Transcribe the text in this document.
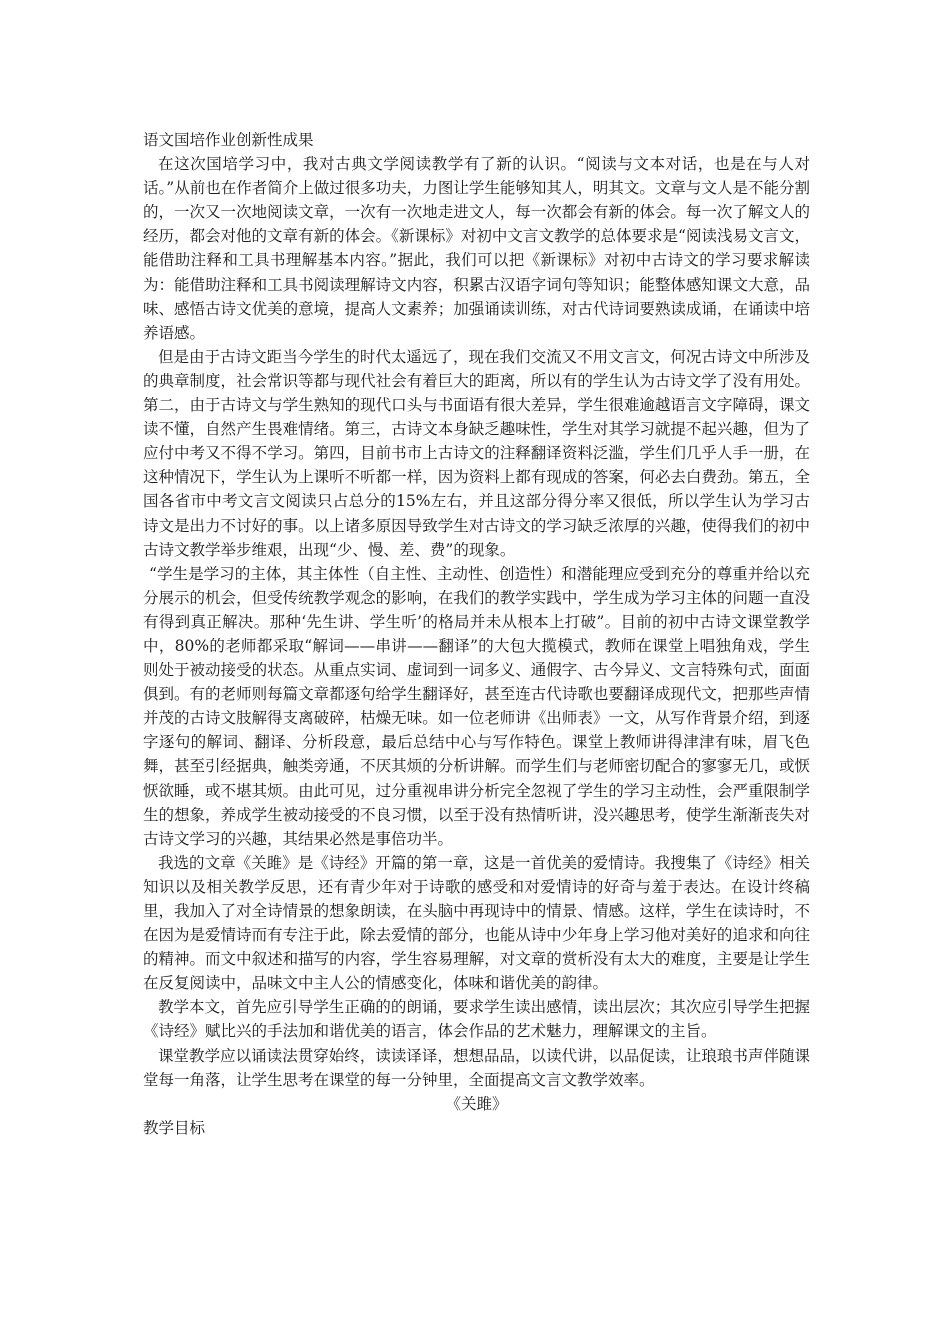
语文国培作业创新性成果

在这次国培学习中，我对古典文学阅读教学有了新的认识。“阅读与文本对话，也是在与人对话。”从前也在作者简介上做过很多功夫，力图让学生能够知其人，明其文。文章与文人是不能分割的，一次又一次地阅读文章，一次有一次地走进文人，每一次都会有新的体会。每一次了解文人的经历，都会对他的文章有新的体会。《新课标》对初中文言文教学的总体要求是“阅读浅易文言文，能借助注释和工具书理解基本内容。”据此，我们可以把《新课标》对初中古诗文的学习要求解读为：能借助注释和工具书阅读理解诗文内容，积累古汉语字词句等知识；能整体感知课文大意，品味、感悟古诗文优美的意境，提高人文素养；加强诵读训练，对古代诗词要熟读成诵，在诵读中培养语感。

但是由于古诗文距当今学生的时代太遥远了，现在我们交流又不用文言文，何况古诗文中所涉及的典章制度，社会常识等都与现代社会有着巨大的距离，所以有的学生认为古诗文学了没有用处。第二，由于古诗文与学生熟知的现代口头与书面语有很大差异，学生很难逾越语言文字障碍，课文读不懂，自然产生畏难情绪。第三，古诗文本身缺乏趣味性，学生对其学习就提不起兴趣，但为了应付中考又不得不学习。第四，目前书市上古诗文的注释翻译资料泛滥，学生们几乎人手一册，在这种情况下，学生认为上课听不听都一样，因为资料上都有现成的答案，何必去白费劲。第五，全国各省市中考文言文阅读只占总分的15%左右，并且这部分得分率又很低，所以学生认为学习古诗文是出力不讨好的事。以上诸多原因导致学生对古诗文的学习缺乏浓厚的兴趣，使得我们的初中古诗文教学举步维艰，出现“少、慢、差、费”的现象。

“学生是学习的主体，其主体性（自主性、主动性、创造性）和潜能理应受到充分的尊重并给以充分展示的机会，但受传统教学观念的影响，在我们的教学实践中，学生成为学习主体的问题一直没有得到真正解决。那种‘先生讲、学生听’的格局并未从根本上打破”。目前的初中古诗文课堂教学中，80%的老师都采取“解词——串讲——翻译”的大包大揽模式，教师在课堂上唱独角戏，学生则处于被动接受的状态。从重点实词、虚词到一词多义、通假字、古今异义、文言特殊句式，面面俱到。有的老师则每篇文章都逐句给学生翻译好，甚至连古代诗歌也要翻译成现代文，把那些声情并茂的古诗文肢解得支离破碎，枯燥无味。如一位老师讲《出师表》一文，从写作背景介绍，到逐字逐句的解词、翻译、分析段意，最后总结中心与写作特色。课堂上教师讲得津津有味，眉飞色舞，甚至引经据典，触类旁通，不厌其烦的分析讲解。而学生们与老师密切配合的寥寥无几，或恹恹欲睡，或不堪其烦。由此可见，过分重视串讲分析完全忽视了学生的学习主动性，会严重限制学生的想象，养成学生被动接受的不良习惯，以至于没有热情听讲，没兴趣思考，使学生渐渐丧失对古诗文学习的兴趣，其结果必然是事倍功半。

我选的文章《关雎》是《诗经》开篇的第一章，这是一首优美的爱情诗。我搜集了《诗经》相关知识以及相关教学反思，还有青少年对于诗歌的感受和对爱情诗的好奇与羞于表达。在设计终稿里，我加入了对全诗情景的想象朗读，在头脑中再现诗中的情景、情感。这样，学生在读诗时，不在因为是爱情诗而有专注于此，除去爱情的部分，也能从诗中少年身上学习他对美好的追求和向往的精神。而文中叙述和描写的内容，学生容易理解，对文章的赏析没有太大的难度，主要是让学生在反复阅读中，品味文中主人公的情感变化，体味和谐优美的韵律。

教学本文，首先应引导学生正确的的朗诵，要求学生读出感情，读出层次；其次应引导学生把握《诗经》赋比兴的手法加和谐优美的语言，体会作品的艺术魅力，理解课文的主旨。

课堂教学应以诵读法贯穿始终，读读译译，想想品品，以读代讲，以品促读，让琅琅书声伴随课堂每一角落，让学生思考在课堂的每一分钟里，全面提高文言文教学效率。

《关雎》

教学目标
